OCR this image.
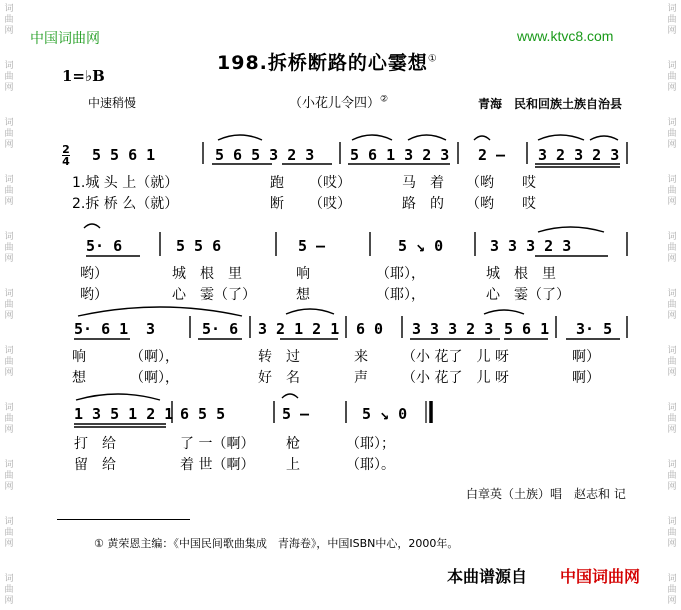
词
曲
网
词
曲
网
词
曲
网
词
曲
网
词
曲
网
词
曲
网
词
曲
网
词
曲
网
词
曲
网
词
曲
网
词
曲
网
词
曲
网
词
曲
网
词
曲
网
词
曲
网
词
曲
网
词
曲
网
词
曲
网
词
曲
网
词
曲
网
词
曲
网
词
曲
网
中国词曲网	www.ktvc8.com
198.拆桥断路的心霎想①
1=♭B
中速稍慢	（小花儿令四）②	青海　民和回族土族自治县
2
4 5 5 6 1	5 6 5 3 2 3 5 6 1 3 2 3 2 – 3 2 3 2 3
1.城 头 上（就）	跑 （哎）	马　着 （哟　　哎
2.拆 桥 么（就）	断 （哎）	路　的 （哟　　哎
5· 6	5 5 6	5 –	5 ↘ 0	3 3 3 2 3
哟）	城　根　里	响	（耶），	城　根　里
哟）	心　霎（了）	想	（耶），	心　霎（了）
5· 6 1 3	5· 6 3 2 1 2 1 6 0 3 3 3 2 3 5 6 1 3· 5
响	（啊），	转　过	来 （小 花了　儿 呀	啊）
想	（啊），	好　名	声 （小 花了　儿 呀	啊）
1 3 5 1 2 1 6 5 5	5 –	5 ↘ 0
打　给	了 一（啊） 枪	（耶）；
留　给	着 世（啊） 上	（耶）。
白章英（土族）唱　赵志和 记
① 黄荣恩主编：《中国民间歌曲集成　青海卷》，中国ISBN中心，2000年。
本曲谱源自 中国词曲网
